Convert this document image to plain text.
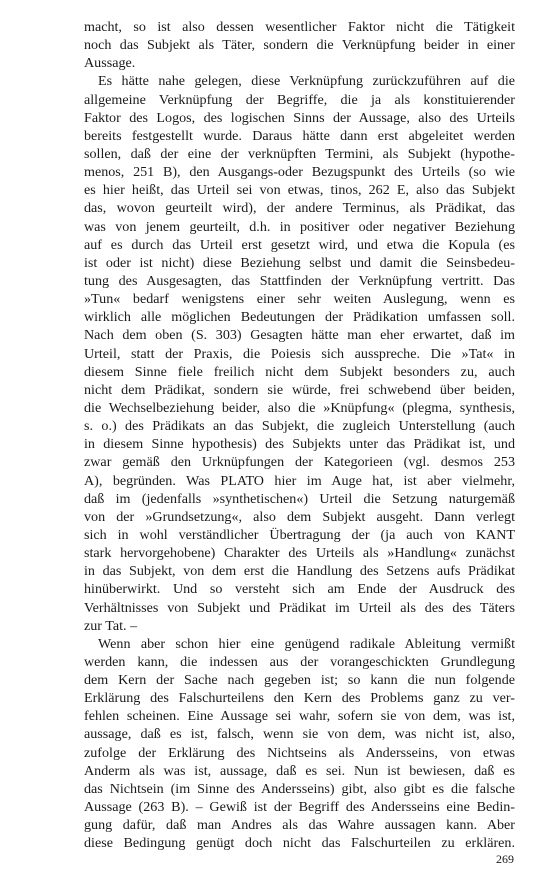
macht, so ist also dessen wesentlicher Faktor nicht die Tätigkeit
noch das Subjekt als Täter, sondern die Verknüpfung beider in einer
Aussage.
Es hätte nahe gelegen, diese Verknüpfung zurückzuführen auf die
allgemeine Verknüpfung der Begriffe, die ja als konstituierender
Faktor des Logos, des logischen Sinns der Aussage, also des Urteils
bereits festgestellt wurde. Daraus hätte dann erst abgeleitet werden
sollen, daß der eine der verknüpften Termini, als Subjekt (hypothe-
menos, 251 B), den Ausgangs-oder Bezugspunkt des Urteils (so wie
es hier heißt, das Urteil sei von etwas, tinos, 262 E, also das Subjekt
das, wovon geurteilt wird), der andere Terminus, als Prädikat, das
was von jenem geurteilt, d.h. in positiver oder negativer Beziehung
auf es durch das Urteil erst gesetzt wird, und etwa die Kopula (es
ist oder ist nicht) diese Beziehung selbst und damit die Seinsbedeu-
tung des Ausgesagten, das Stattfinden der Verknüpfung vertritt. Das
»Tun« bedarf wenigstens einer sehr weiten Auslegung, wenn es
wirklich alle möglichen Bedeutungen der Prädikation umfassen soll.
Nach dem oben (S. 303) Gesagten hätte man eher erwartet, daß im
Urteil, statt der Praxis, die Poiesis sich ausspreche. Die »Tat« in
diesem Sinne fiele freilich nicht dem Subjekt besonders zu, auch
nicht dem Prädikat, sondern sie würde, frei schwebend über beiden,
die Wechselbeziehung beider, also die »Knüpfung« (plegma, synthesis,
s. o.) des Prädikats an das Subjekt, die zugleich Unterstellung (auch
in diesem Sinne hypothesis) des Subjekts unter das Prädikat ist, und
zwar gemäß den Urknüpfungen der Kategorieen (vgl. desmos 253
A), begründen. Was PLATO hier im Auge hat, ist aber vielmehr,
daß im (jedenfalls »synthetischen«) Urteil die Setzung naturgemäß
von der »Grundsetzung«, also dem Subjekt ausgeht. Dann verlegt
sich in wohl verständlicher Übertragung der (ja auch von KANT
stark hervorgehobene) Charakter des Urteils als »Handlung« zunächst
in das Subjekt, von dem erst die Handlung des Setzens aufs Prädikat
hinüberwirkt. Und so versteht sich am Ende der Ausdruck des
Verhältnisses von Subjekt und Prädikat im Urteil als des des Täters
zur Tat. –
Wenn aber schon hier eine genügend radikale Ableitung vermißt
werden kann, die indessen aus der vorangeschickten Grundlegung
dem Kern der Sache nach gegeben ist; so kann die nun folgende
Erklärung des Falschurteilens den Kern des Problems ganz zu ver-
fehlen scheinen. Eine Aussage sei wahr, sofern sie von dem, was ist,
aussage, daß es ist, falsch, wenn sie von dem, was nicht ist, also,
zufolge der Erklärung des Nichtseins als Andersseins, von etwas
Anderm als was ist, aussage, daß es sei. Nun ist bewiesen, daß es
das Nichtsein (im Sinne des Andersseins) gibt, also gibt es die falsche
Aussage (263 B). – Gewiß ist der Begriff des Andersseins eine Bedin-
gung dafür, daß man Andres als das Wahre aussagen kann. Aber
diese Bedingung genügt doch nicht das Falschurteilen zu erklären.
269
